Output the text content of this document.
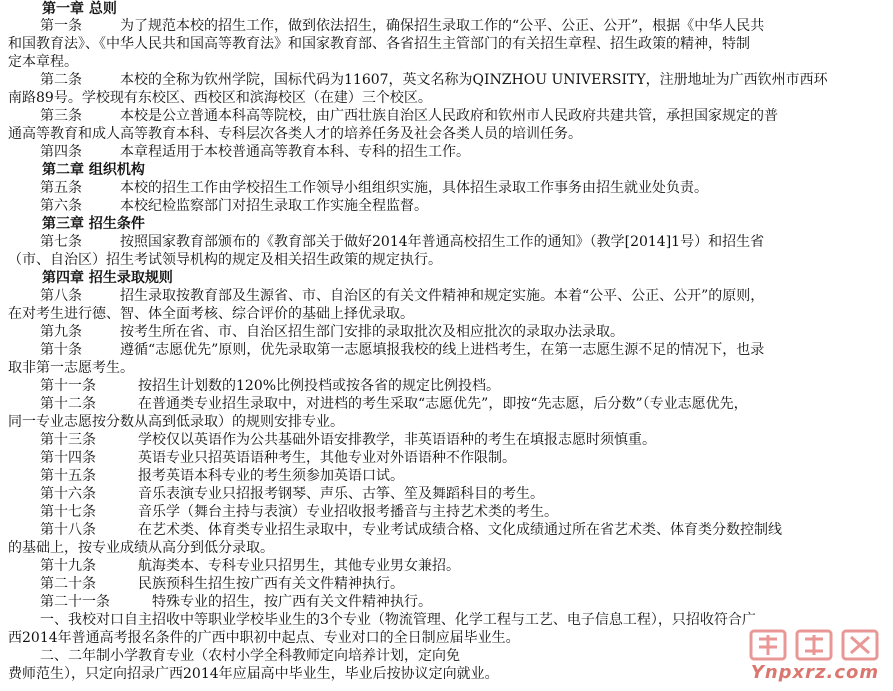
第一章 总则
第一条	为了规范本校的招生工作，做到依法招生，确保招生录取工作的“公平、公正、公开”，根据《中华人民共
和国教育法》、《中华人民共和国高等教育法》和国家教育部、各省招生主管部门的有关招生章程、招生政策的精神，特制
定本章程。
第二条	本校的全称为钦州学院，国标代码为11607，英文名称为QINZHOU UNIVERSITY，注册地址为广西钦州市西环
南路89号。学校现有东校区、西校区和滨海校区（在建）三个校区。
第三条	本校是公立普通本科高等院校，由广西壮族自治区人民政府和钦州市人民政府共建共管，承担国家规定的普
通高等教育和成人高等教育本科、专科层次各类人才的培养任务及社会各类人员的培训任务。
第四条	本章程适用于本校普通高等教育本科、专科的招生工作。
第二章 组织机构
第五条	本校的招生工作由学校招生工作领导小组组织实施，具体招生录取工作事务由招生就业处负责。
第六条	本校纪检监察部门对招生录取工作实施全程监督。
第三章 招生条件
第七条	按照国家教育部颁布的《教育部关于做好2014年普通高校招生工作的通知》（教学[2014]1号）和招生省
（市、自治区）招生考试领导机构的规定及相关招生政策的规定执行。
第四章 招生录取规则
第八条	招生录取按教育部及生源省、市、自治区的有关文件精神和规定实施。本着“公平、公正、公开”的原则，
在对考生进行德、智、体全面考核、综合评价的基础上择优录取。
第九条	按考生所在省、市、自治区招生部门安排的录取批次及相应批次的录取办法录取。
第十条	遵循“志愿优先”原则，优先录取第一志愿填报我校的线上进档考生，在第一志愿生源不足的情况下，也录
取非第一志愿考生。
第十一条	按招生计划数的120%比例投档或按各省的规定比例投档。
第十二条	在普通类专业招生录取中，对进档的考生采取“志愿优先”，即按“先志愿，后分数”（专业志愿优先，
同一专业志愿按分数从高到低录取）的规则安排专业。
第十三条	学校仅以英语作为公共基础外语安排教学，非英语语种的考生在填报志愿时须慎重。
第十四条	英语专业只招英语语种考生，其他专业对外语语种不作限制。
第十五条	报考英语本科专业的考生须参加英语口试。
第十六条	音乐表演专业只招报考钢琴、声乐、古筝、笙及舞蹈科目的考生。
第十七条	音乐学（舞台主持与表演）专业招收报考播音与主持艺术类的考生。
第十八条	在艺术类、体育类专业招生录取中，专业考试成绩合格、文化成绩通过所在省艺术类、体育类分数控制线
的基础上，按专业成绩从高分到低分录取。
第十九条	航海类本、专科专业只招男生，其他专业男女兼招。
第二十条	民族预科生招生按广西有关文件精神执行。
第二十一条	特殊专业的招生，按广西有关文件精神执行。
一、我校对口自主招收中等职业学校毕业生的3个专业（物流管理、化学工程与工艺、电子信息工程），只招收符合广
西2014年普通高考报名条件的广西中职初中起点、专业对口的全日制应届毕业生。
二、二年制小学教育专业（农村小学全科教师定向培养计划，定向免
费师范生），只定向招录广西2014年应届高中毕业生，毕业后按协议定向就业。	Ynpxrz.com
